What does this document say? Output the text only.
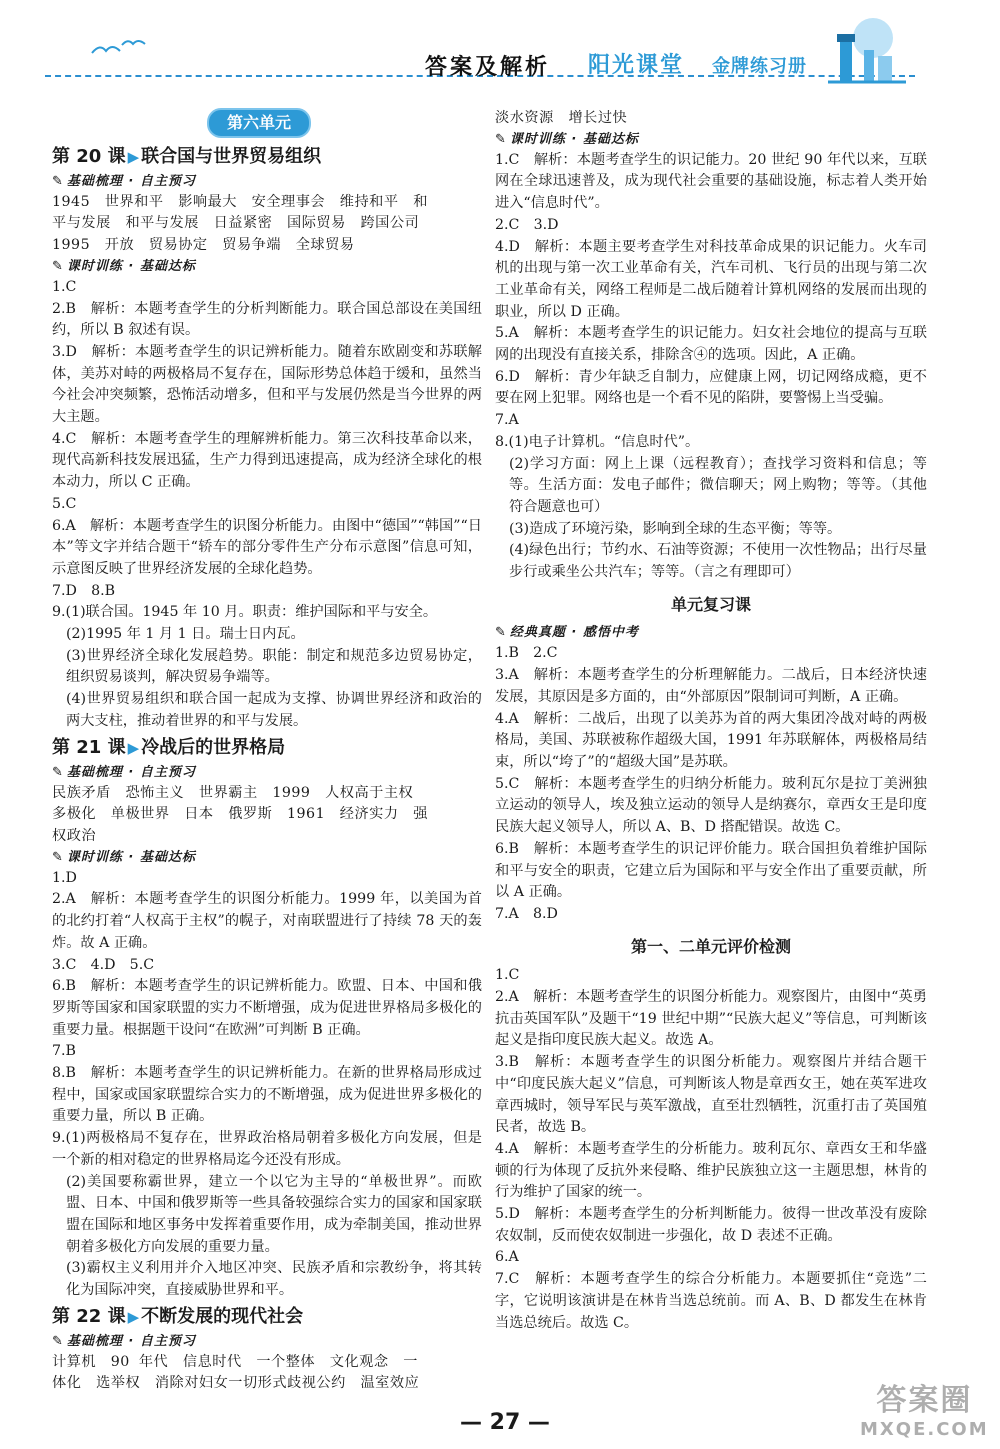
答案及解析 阳光课堂 金牌练习册
第六单元
第 20 课 ▶ 联合国与世界贸易组织
✎ 基础梳理 · 自主预习

1945　世界和平　影响最大　安全理事会　维持和平　和

平与发展　和平与发展　日益紧密　国际贸易　跨国公司

1995　开放　贸易协定　贸易争端　全球贸易

✎ 课时训练 · 基础达标

1.C

2.B　解析：本题考查学生的分析判断能力。联合国总部设在美国纽约，所以 B 叙述有误。

3.D　解析：本题考查学生的识记辨析能力。随着东欧剧变和苏联解体，美苏对峙的两极格局不复存在，国际形势总体趋于缓和，虽然当今社会冲突频繁，恐怖活动增多，但和平与发展仍然是当今世界的两大主题。

4.C　解析：本题考查学生的理解辨析能力。第三次科技革命以来，现代高新科技发展迅猛，生产力得到迅速提高，成为经济全球化的根本动力，所以 C 正确。

5.C

6.A　解析：本题考查学生的识图分析能力。由图中“德国”“韩国”“日本”等文字并结合题干“轿车的部分零件生产分布示意图”信息可知，示意图反映了世界经济发展的全球化趋势。

7.D　8.B

9.(1)联合国。1945 年 10 月。职责：维护国际和平与安全。

(2)1995 年 1 月 1 日。瑞士日内瓦。

(3)世界经济全球化发展趋势。职能：制定和规范多边贸易协定，组织贸易谈判，解决贸易争端等。

(4)世界贸易组织和联合国一起成为支撑、协调世界经济和政治的两大支柱，推动着世界的和平与发展。

第 21 课 ▶ 冷战后的世界格局
✎ 基础梳理 · 自主预习

民族矛盾　恐怖主义　世界霸主　1999　人权高于主权

多极化　单极世界　日本　俄罗斯　1961　经济实力　强

权政治

✎ 课时训练 · 基础达标

1.D

2.A　解析：本题考查学生的识图分析能力。1999 年，以美国为首的北约打着“人权高于主权”的幌子，对南联盟进行了持续 78 天的轰炸。故 A 正确。

3.C　4.D　5.C

6.B　解析：本题考查学生的识记辨析能力。欧盟、日本、中国和俄罗斯等国家和国家联盟的实力不断增强，成为促进世界格局多极化的重要力量。根据题干设问“在欧洲”可判断 B 正确。

7.B

8.B　解析：本题考查学生的识记辨析能力。在新的世界格局形成过程中，国家或国家联盟综合实力的不断增强，成为促进世界多极化的重要力量，所以 B 正确。

9.(1)两极格局不复存在，世界政治格局朝着多极化方向发展，但是一个新的相对稳定的世界格局迄今还没有形成。

(2)美国要称霸世界，建立一个以它为主导的“单极世界”。而欧盟、日本、中国和俄罗斯等一些具备较强综合实力的国家和国家联盟在国际和地区事务中发挥着重要作用，成为牵制美国，推动世界朝着多极化方向发展的重要力量。

(3)霸权主义利用并介入地区冲突、民族矛盾和宗教纷争，将其转化为国际冲突，直接威胁世界和平。

第 22 课 ▶ 不断发展的现代社会
✎ 基础梳理 · 自主预习

计算机　90 年代　信息时代　一个整体　文化观念　一

体化　选举权　消除对妇女一切形式歧视公约　温室效应

淡水资源　增长过快

✎ 课时训练 · 基础达标

1.C　解析：本题考查学生的识记能力。20 世纪 90 年代以来，互联网在全球迅速普及，成为现代社会重要的基础设施，标志着人类开始进入“信息时代”。

2.C　3.D

4.D　解析：本题主要考查学生对科技革命成果的识记能力。火车司机的出现与第一次工业革命有关，汽车司机、飞行员的出现与第二次工业革命有关，网络工程师是二战后随着计算机网络的发展而出现的职业，所以 D 正确。

5.A　解析：本题考查学生的识记能力。妇女社会地位的提高与互联网的出现没有直接关系，排除含④的选项。因此，A 正确。

6.D　解析：青少年缺乏自制力，应健康上网，切记网络成瘾，更不要在网上犯罪。网络也是一个看不见的陷阱，要警惕上当受骗。

7.A

8.(1)电子计算机。“信息时代”。

(2)学习方面：网上上课（远程教育）；查找学习资料和信息；等等。生活方面：发电子邮件；微信聊天；网上购物；等等。（其他符合题意也可）

(3)造成了环境污染，影响到全球的生态平衡；等等。

(4)绿色出行；节约水、石油等资源；不使用一次性物品；出行尽量步行或乘坐公共汽车；等等。（言之有理即可）

单元复习课
✎ 经典真题 · 感悟中考

1.B　2.C

3.A　解析：本题考查学生的分析理解能力。二战后，日本经济快速发展，其原因是多方面的，由“外部原因”限制词可判断，A 正确。

4.A　解析：二战后，出现了以美苏为首的两大集团冷战对峙的两极格局，美国、苏联被称作超级大国，1991 年苏联解体，两极格局结束，所以“垮了”的“超级大国”是苏联。

5.C　解析：本题考查学生的归纳分析能力。玻利瓦尔是拉丁美洲独立运动的领导人，埃及独立运动的领导人是纳赛尔，章西女王是印度民族大起义领导人，所以 A、B、D 搭配错误。故选 C。

6.B　解析：本题考查学生的识记评价能力。联合国担负着维护国际和平与安全的职责，它建立后为国际和平与安全作出了重要贡献，所以 A 正确。

7.A　8.D

第一、二单元评价检测

1.C

2.A　解析：本题考查学生的识图分析能力。观察图片，由图中“英勇抗击英国军队”及题干“19 世纪中期”“民族大起义”等信息，可判断该起义是指印度民族大起义。故选 A。

3.B　解析：本题考查学生的识图分析能力。观察图片并结合题干中“印度民族大起义”信息，可判断该人物是章西女王，她在英军进攻章西城时，领导军民与英军激战，直至壮烈牺牲，沉重打击了英国殖民者，故选 B。

4.A　解析：本题考查学生的分析能力。玻利瓦尔、章西女王和华盛顿的行为体现了反抗外来侵略、维护民族独立这一主题思想，林肯的行为维护了国家的统一。

5.D　解析：本题考查学生的分析判断能力。彼得一世改革没有废除农奴制，反而使农奴制进一步强化，故 D 表述不正确。

6.A

7.C　解析：本题考查学生的综合分析能力。本题要抓住“竞选”二字，它说明该演讲是在林肯当选总统前。而 A、B、D 都发生在林肯当选总统后。故选 C。

— 27 —
答案圈
MXQE.COM
